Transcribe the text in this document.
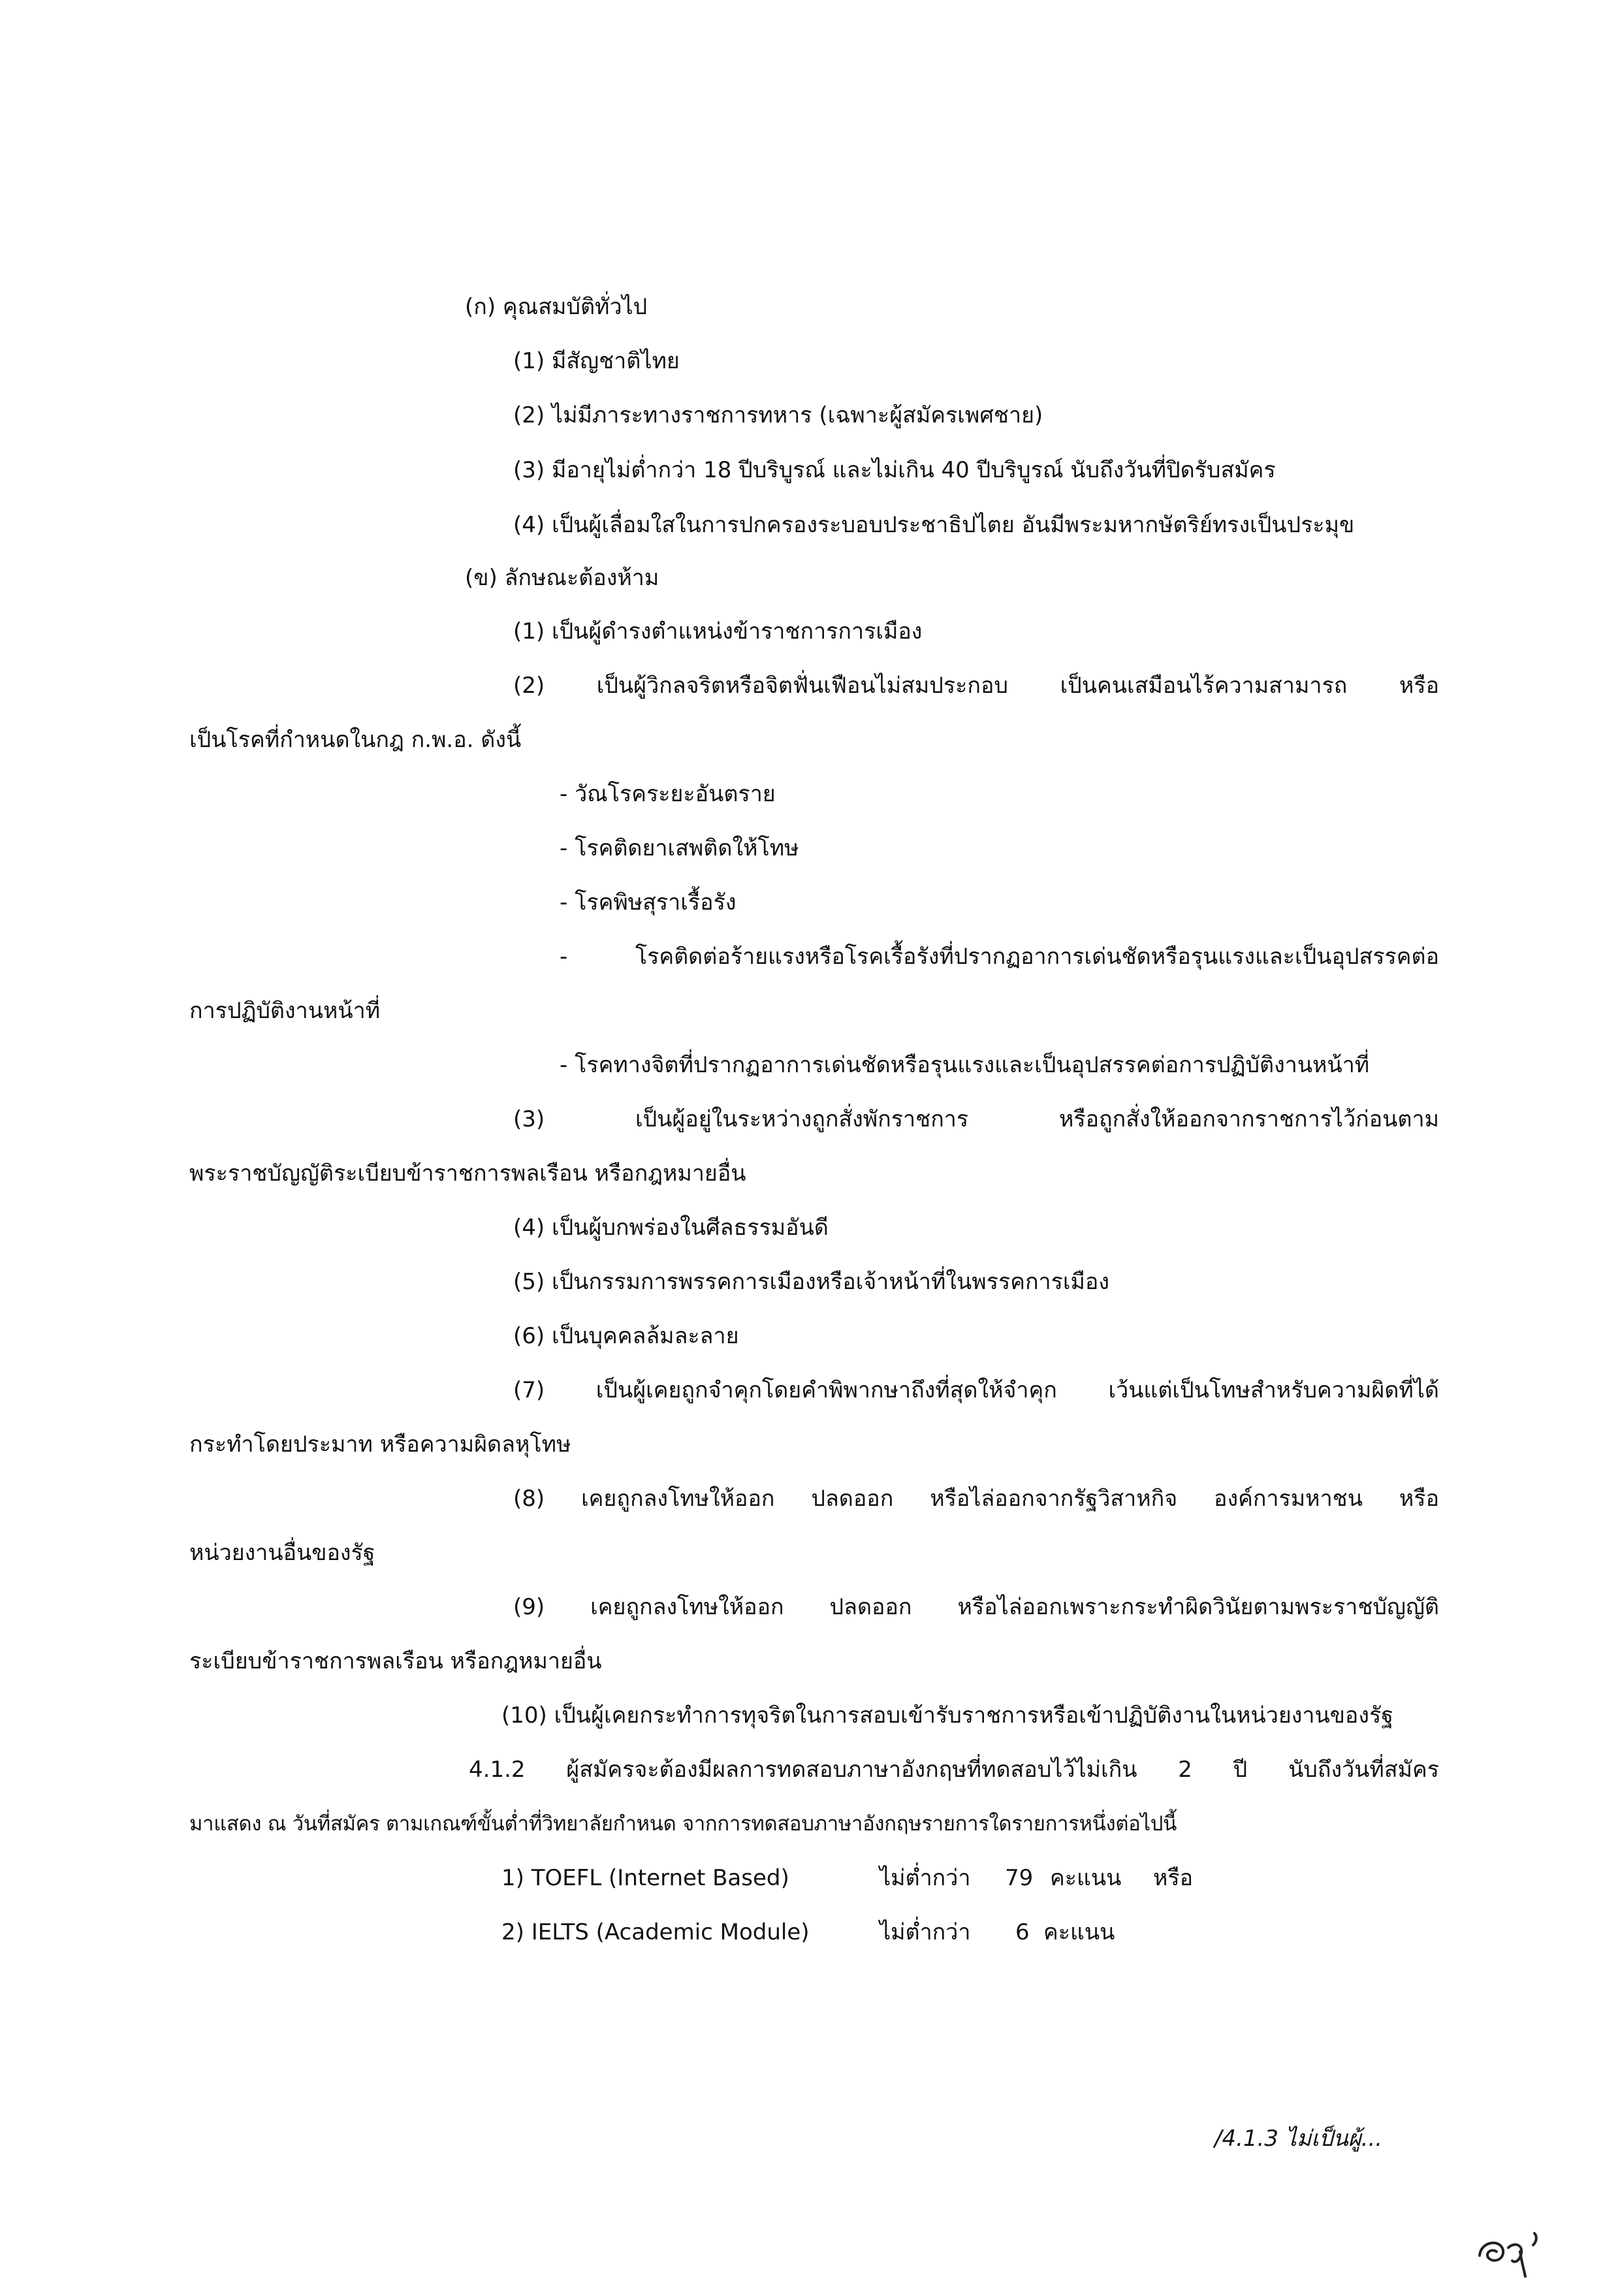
(ก) คุณสมบัติทั่วไป

(1) มีสัญชาติไทย

(2) ไม่มีภาระทางราชการทหาร (เฉพาะผู้สมัครเพศชาย)

(3) มีอายุไม่ต่ำกว่า 18 ปีบริบูรณ์ และไม่เกิน 40 ปีบริบูรณ์ นับถึงวันที่ปิดรับสมัคร

(4) เป็นผู้เลื่อมใสในการปกครองระบอบประชาธิปไตย อันมีพระมหากษัตริย์ทรงเป็นประมุข

(ข) ลักษณะต้องห้าม

(1) เป็นผู้ดำรงตำแหน่งข้าราชการการเมือง

(2) เป็นผู้วิกลจริตหรือจิตฟั่นเฟือนไม่สมประกอบ เป็นคนเสมือนไร้ความสามารถ หรือ

เป็นโรคที่กำหนดในกฎ ก.พ.อ. ดังนี้

- วัณโรคระยะอันตราย

- โรคติดยาเสพติดให้โทษ

- โรคพิษสุราเรื้อรัง

- โรคติดต่อร้ายแรงหรือโรคเรื้อรังที่ปรากฏอาการเด่นชัดหรือรุนแรงและเป็นอุปสรรคต่อ

การปฏิบัติงานหน้าที่

- โรคทางจิตที่ปรากฏอาการเด่นชัดหรือรุนแรงและเป็นอุปสรรคต่อการปฏิบัติงานหน้าที่

(3) เป็นผู้อยู่ในระหว่างถูกสั่งพักราชการ หรือถูกสั่งให้ออกจากราชการไว้ก่อนตาม

พระราชบัญญัติระเบียบข้าราชการพลเรือน หรือกฎหมายอื่น

(4) เป็นผู้บกพร่องในศีลธรรมอันดี

(5) เป็นกรรมการพรรคการเมืองหรือเจ้าหน้าที่ในพรรคการเมือง

(6) เป็นบุคคลล้มละลาย

(7) เป็นผู้เคยถูกจำคุกโดยคำพิพากษาถึงที่สุดให้จำคุก เว้นแต่เป็นโทษสำหรับความผิดที่ได้

กระทำโดยประมาท หรือความผิดลหุโทษ

(8) เคยถูกลงโทษให้ออก ปลดออก หรือไล่ออกจากรัฐวิสาหกิจ องค์การมหาชน หรือ

หน่วยงานอื่นของรัฐ

(9) เคยถูกลงโทษให้ออก ปลดออก หรือไล่ออกเพราะกระทำผิดวินัยตามพระราชบัญญัติ

ระเบียบข้าราชการพลเรือน หรือกฎหมายอื่น

(10) เป็นผู้เคยกระทำการทุจริตในการสอบเข้ารับราชการหรือเข้าปฏิบัติงานในหน่วยงานของรัฐ

4.1.2 ผู้สมัครจะต้องมีผลการทดสอบภาษาอังกฤษที่ทดสอบไว้ไม่เกิน 2 ปี นับถึงวันที่สมัคร

มาแสดง ณ วันที่สมัคร ตามเกณฑ์ขั้นต่ำที่วิทยาลัยกำหนด จากการทดสอบภาษาอังกฤษรายการใดรายการหนึ่งต่อไปนี้

1) TOEFL (Internet Based)	ไม่ต่ำกว่า 79 คะแนน หรือ

2) IELTS (Academic Module)	ไม่ต่ำกว่า 6 คะแนน

/4.1.3 ไม่เป็นผู้...
